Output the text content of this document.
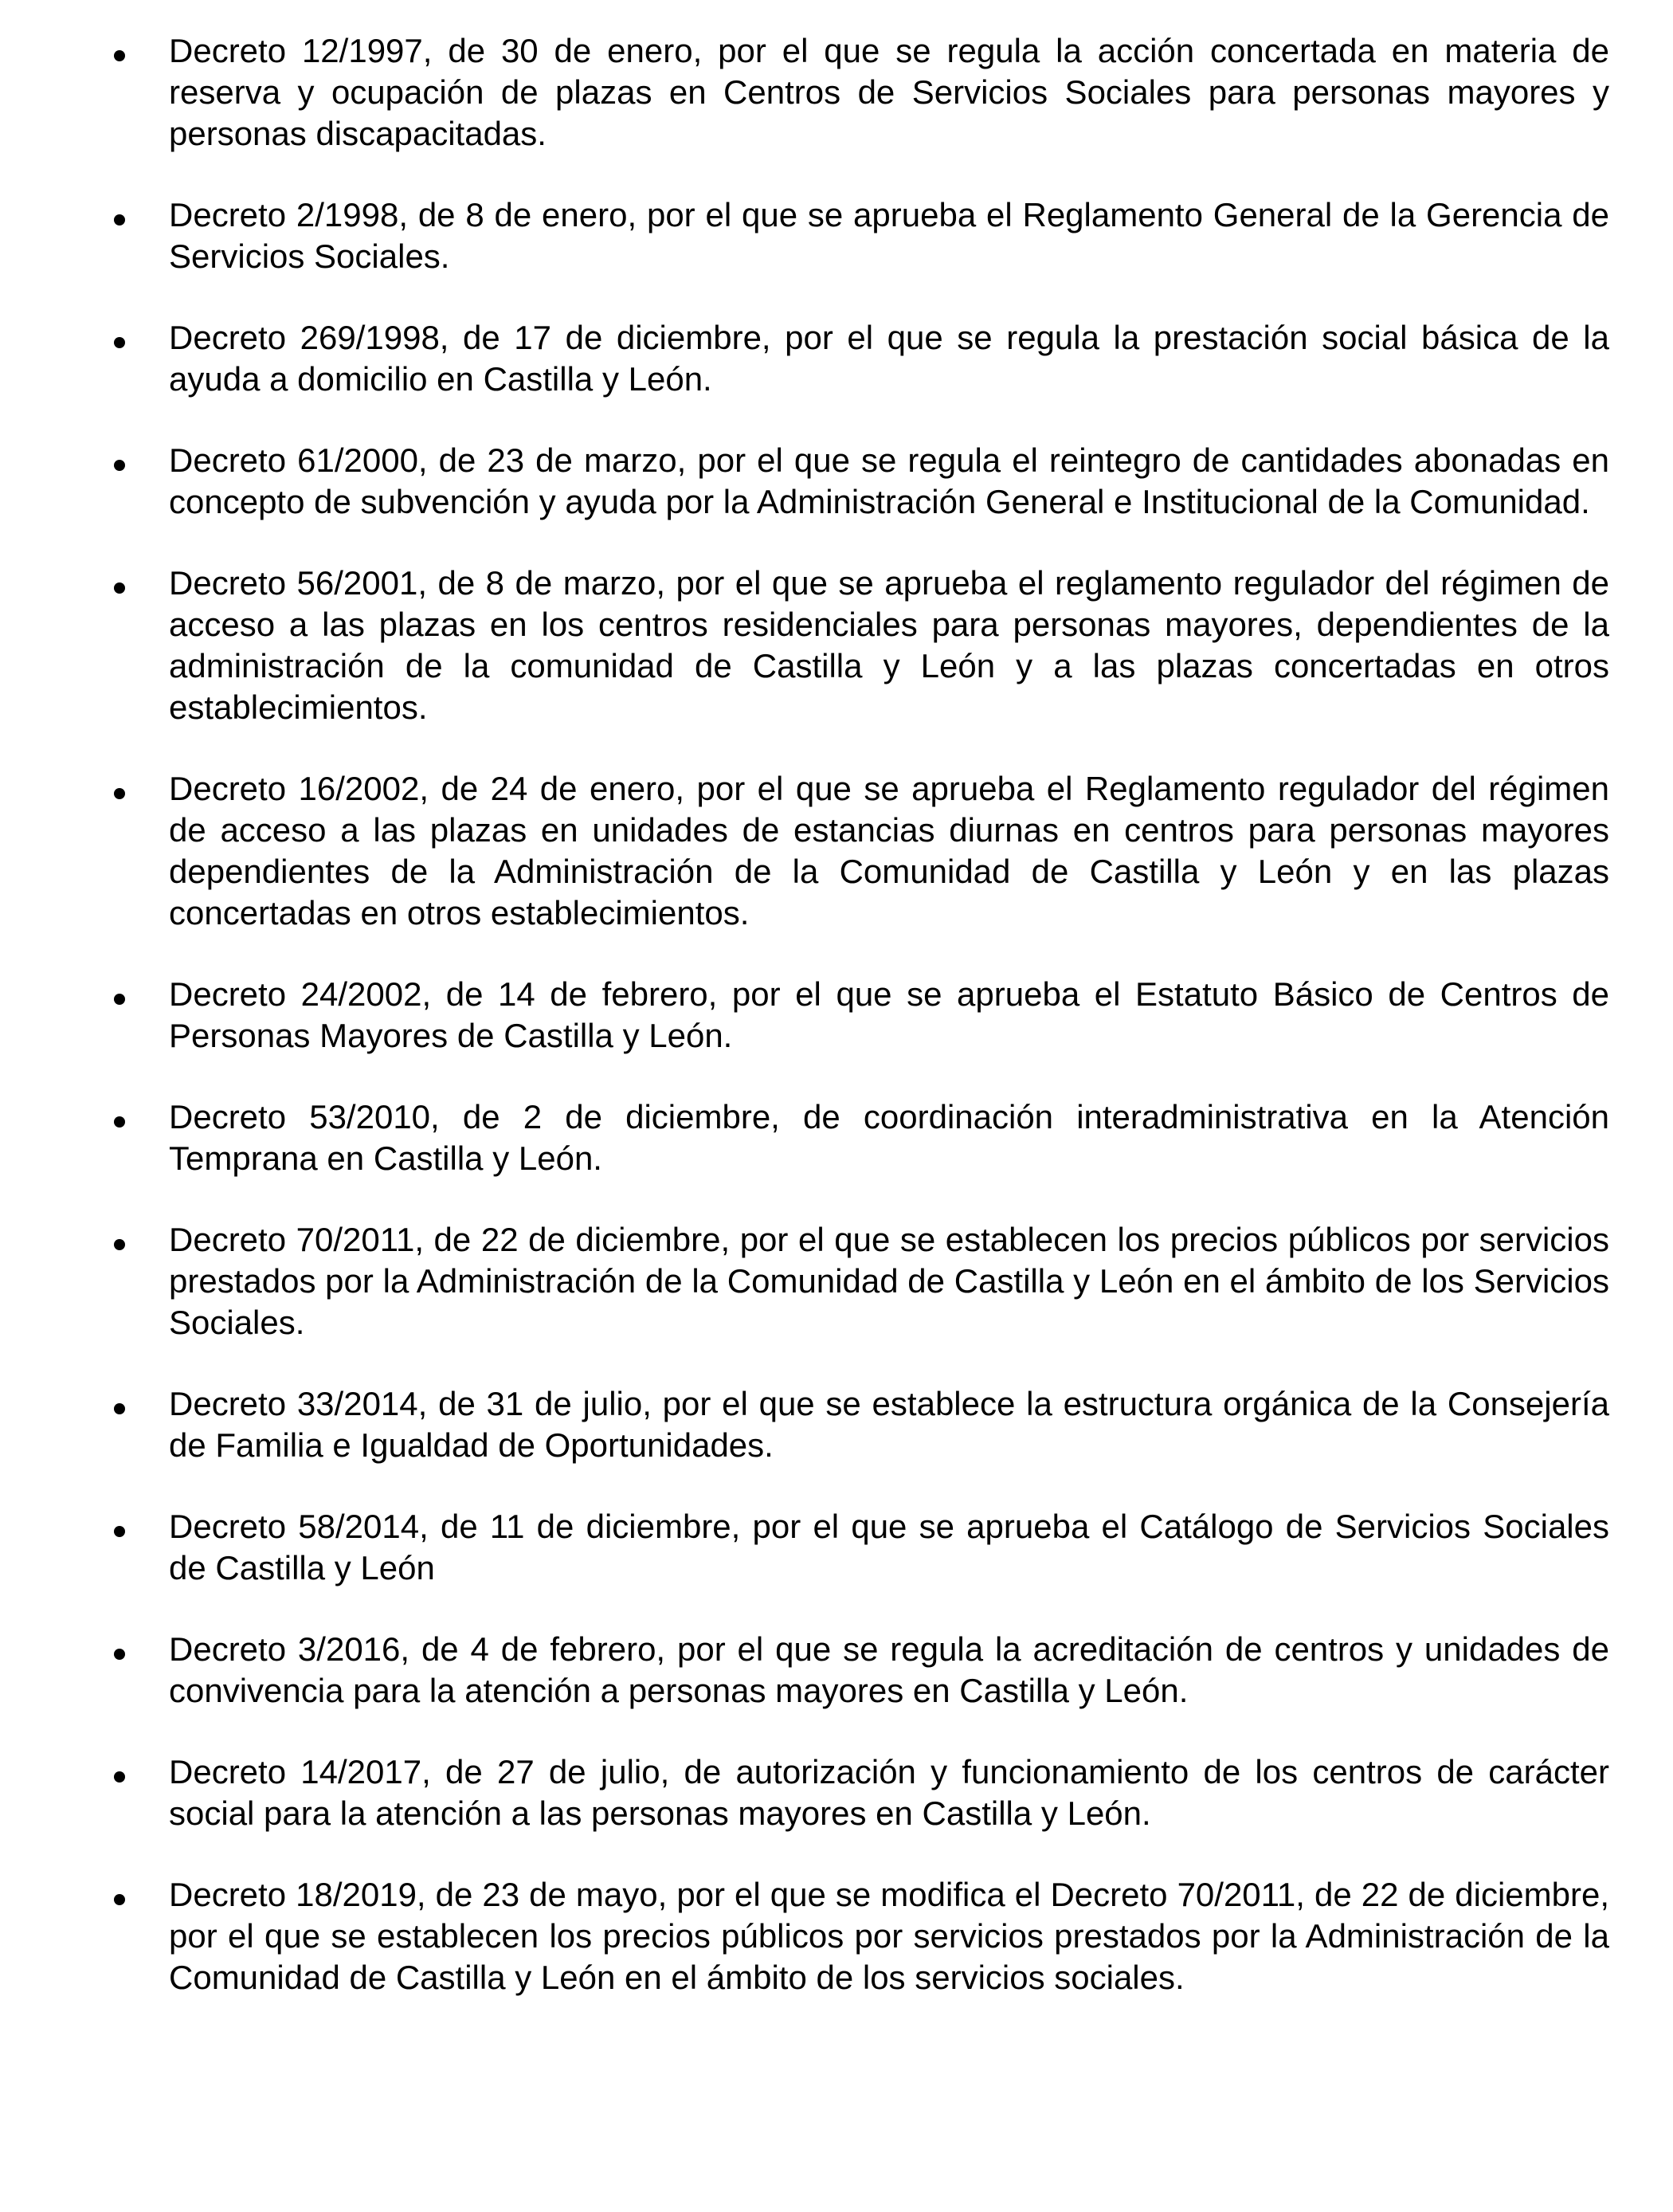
Decreto 12/1997, de 30 de enero, por el que se regula la acción concertada en materia de reserva y ocupación de plazas en Centros de Servicios Sociales para personas mayores y personas discapacitadas.
Decreto 2/1998, de 8 de enero, por el que se aprueba el Reglamento General de la Gerencia de Servicios Sociales.
Decreto 269/1998, de 17 de diciembre, por el que se regula la prestación social básica de la ayuda a domicilio en Castilla y León.
Decreto 61/2000, de 23 de marzo, por el que se regula el reintegro de cantidades abonadas en concepto de subvención y ayuda por la Administración General e Institucional de la Comunidad.
Decreto 56/2001, de 8 de marzo, por el que se aprueba el reglamento regulador del régimen de acceso a las plazas en los centros residenciales para personas mayores, dependientes de la administración de la comunidad de Castilla y León y a las plazas concertadas en otros establecimientos.
Decreto 16/2002, de 24 de enero, por el que se aprueba el Reglamento regulador del régimen de acceso a las plazas en unidades de estancias diurnas en centros para personas mayores dependientes de la Administración de la Comunidad de Castilla y León y en las plazas concertadas en otros establecimientos.
Decreto 24/2002, de 14 de febrero, por el que se aprueba el Estatuto Básico de Centros de Personas Mayores de Castilla y León.
Decreto 53/2010, de 2 de diciembre, de coordinación interadministrativa en la Atención Temprana en Castilla y León.
Decreto 70/2011, de 22 de diciembre, por el que se establecen los precios públicos por servicios prestados por la Administración de la Comunidad de Castilla y León en el ámbito de los Servicios Sociales.
Decreto 33/2014, de 31 de julio, por el que se establece la estructura orgánica de la Consejería de Familia e Igualdad de Oportunidades.
Decreto 58/2014, de 11 de diciembre, por el que se aprueba el Catálogo de Servicios Sociales de Castilla y León
Decreto 3/2016, de 4 de febrero, por el que se regula la acreditación de centros y unidades de convivencia para la atención a personas mayores en Castilla y León.
Decreto 14/2017, de 27 de julio, de autorización y funcionamiento de los centros de carácter social para la atención a las personas mayores en Castilla y León.
Decreto 18/2019, de 23 de mayo, por el que se modifica el Decreto 70/2011, de 22 de diciembre, por el que se establecen los precios públicos por servicios prestados por la Administración de la Comunidad de Castilla y León en el ámbito de los servicios sociales.
